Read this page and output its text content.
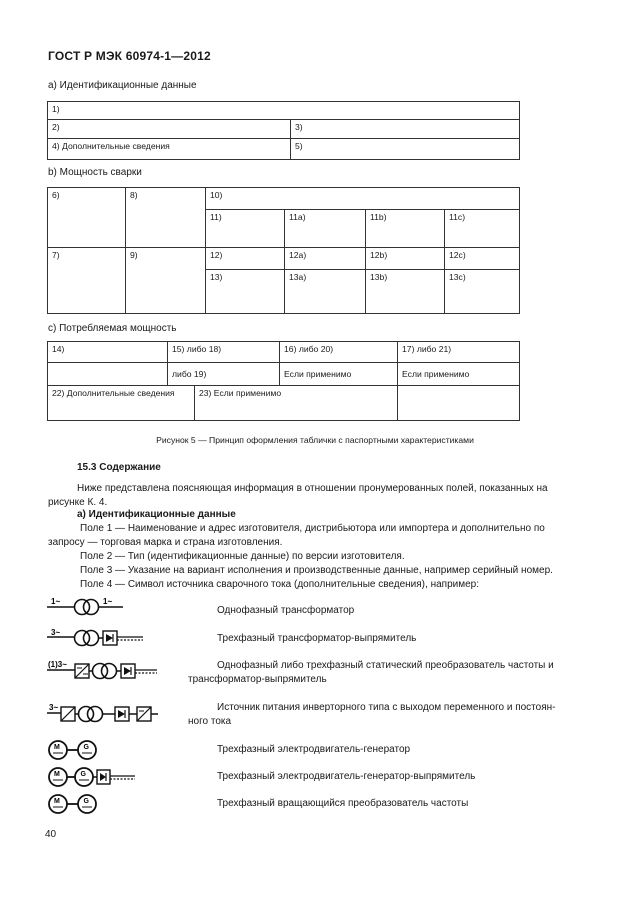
ГОСТ Р МЭК 60974-1—2012
а) Идентификационные данные
1)	
2)	3)
4) Дополнительные сведения	5)
b) Мощность сварки
6)	8)	10)			
		11)	11a)	11b)	11c)
7)	9)	12)	12a)	12b)	12c)
		13)	13a)	13b)	13c)
с) Потребляемая мощность
14)	15) либо 18)		16) либо 20)	17) либо 21)
	либо 19)		Если применимо	Если применимо
22) Дополнительные сведения		23) Если применимо		
Рисунок 5 — Принцип оформления таблички с паспортными характеристиками
15.3 Содержание
Ниже представлена поясняющая информация в отношении пронумерованных полей, показанных на
рисунке К. 4.
а) Идентификационные данные
Поле 1 — Наименование и адрес изготовителя, дистрибьютора или импортера и дополнительно по
запросу — торговая марка и страна изготовления.
Поле 2 — Тип (идентификационные данные) по версии изготовителя.
Поле 3 — Указание на вариант исполнения и производственные данные, например серийный номер.
Поле 4 — Символ источника сварочного тока (дополнительные сведения), например:
1~	1~
Однофазный трансформатор
3~
Трехфазный трансформатор-выпрямитель
(1)3~	Однофазный либо трехфазный статический преобразователь частоты и
трансформатор-выпрямитель
3~	Источник питания инверторного типа с выходом переменного и постоян-
ного тока
M	G	Трехфазный электродвигатель-генератор
M	G	Трехфазный электродвигатель-генератор-выпрямитель
M	G	Трехфазный вращающийся преобразователь частоты
40
